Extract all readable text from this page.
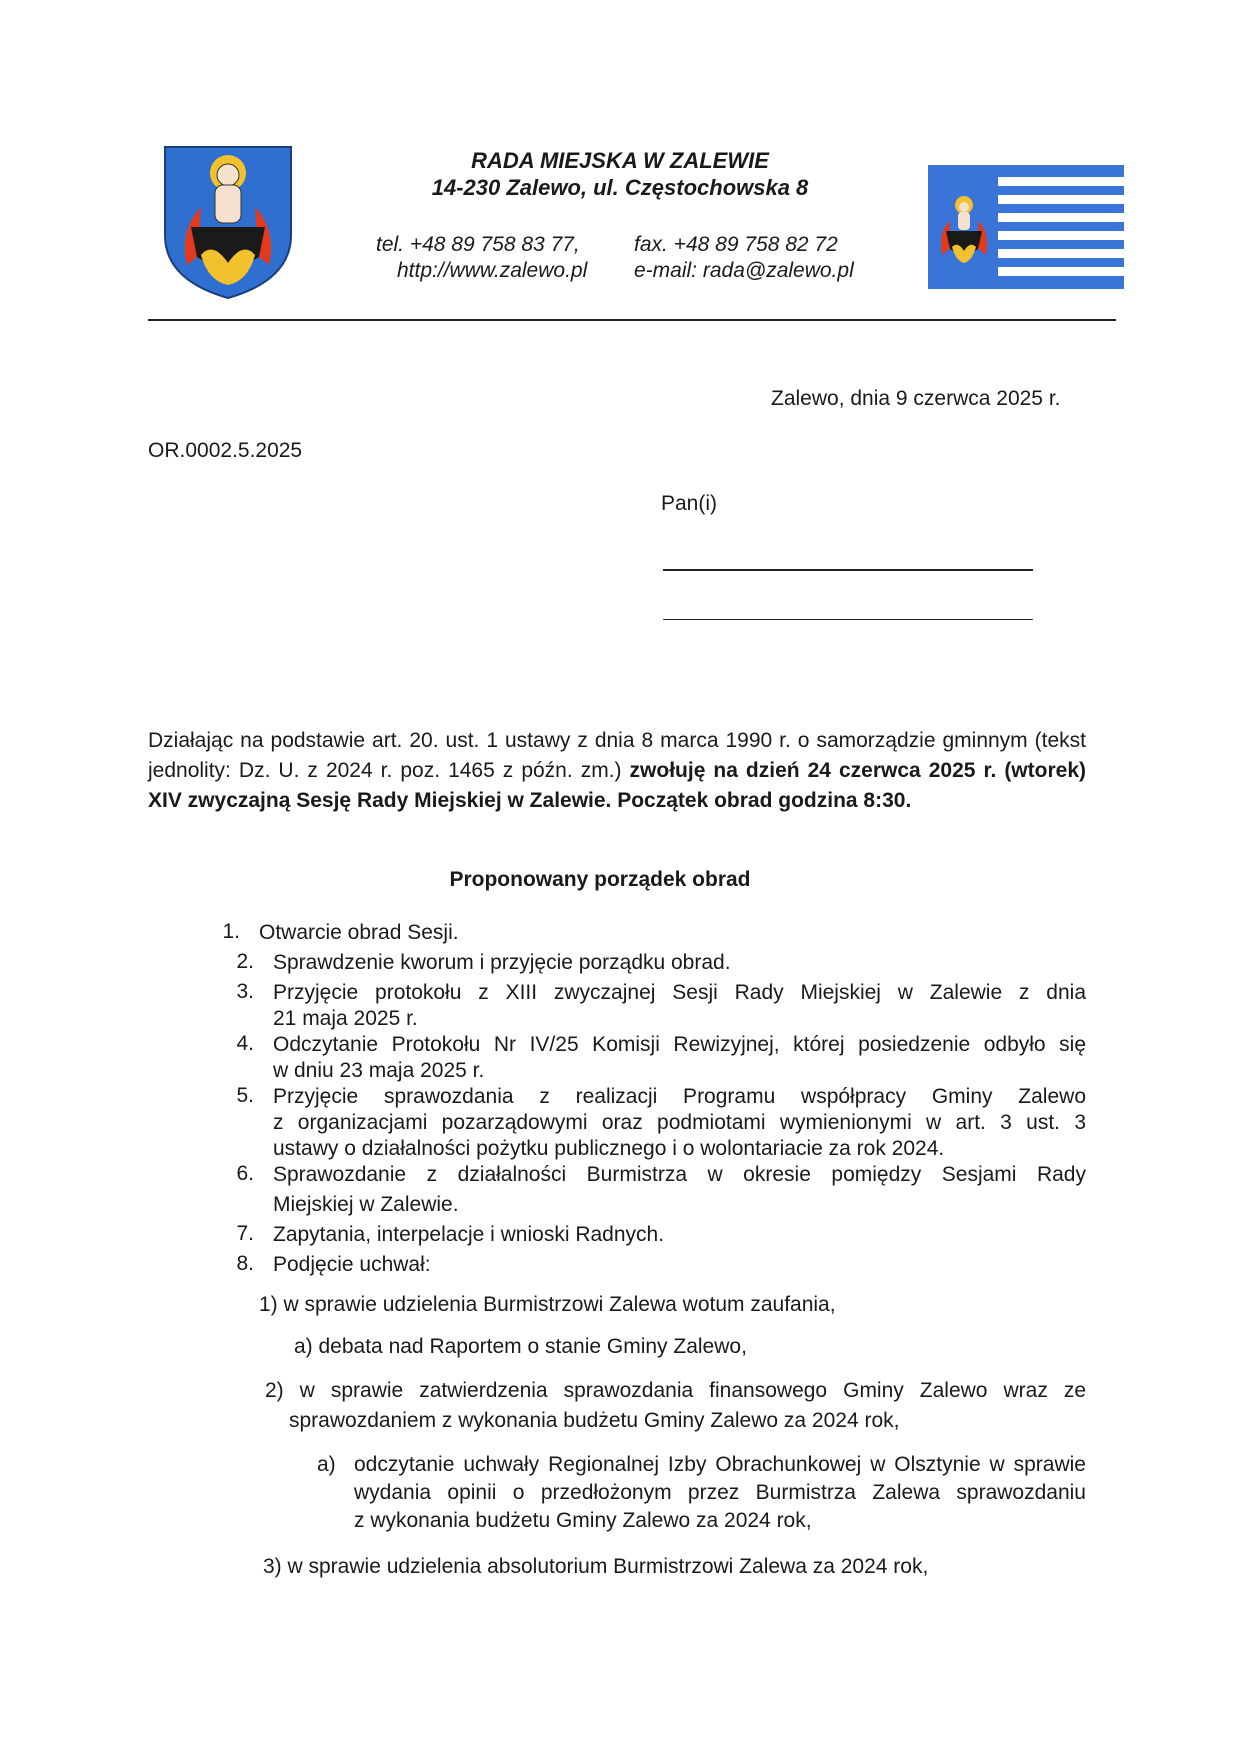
RADA MIEJSKA W ZALEWIE
14-230 Zalewo, ul. Częstochowska 8
tel. +48 89 758 83 77,	fax. +48 89 758 82 72
http://www.zalewo.pl e-mail: rada@zalewo.pl
Zalewo, dnia 9 czerwca 2025 r.
OR.0002.5.2025
Pan(i)
Działając na podstawie art. 20. ust. 1 ustawy z dnia 8 marca 1990 r. o samorządzie gminnym (tekst
jednolity: Dz. U. z 2024 r. poz. 1465 z późn. zm.) zwołuję na dzień 24 czerwca 2025 r. (wtorek)
XIV zwyczajną Sesję Rady Miejskiej w Zalewie. Początek obrad godzina 8:30.
Proponowany porządek obrad
1. Otwarcie obrad Sesji.
2. Sprawdzenie kworum i przyjęcie porządku obrad.
3. Przyjęcie protokołu z XIII zwyczajnej Sesji Rady Miejskiej w Zalewie z dnia
21 maja 2025 r.
4. Odczytanie Protokołu Nr IV/25 Komisji Rewizyjnej, której posiedzenie odbyło się
w dniu 23 maja 2025 r.
5. Przyjęcie sprawozdania z realizacji Programu współpracy Gminy Zalewo
z organizacjami pozarządowymi oraz podmiotami wymienionymi w art. 3 ust. 3
ustawy o działalności pożytku publicznego i o wolontariacie za rok 2024.
6. Sprawozdanie z działalności Burmistrza w okresie pomiędzy Sesjami Rady
Miejskiej w Zalewie.
7. Zapytania, interpelacje i wnioski Radnych.
8. Podjęcie uchwał:
1) w sprawie udzielenia Burmistrzowi Zalewa wotum zaufania,
a) debata nad Raportem o stanie Gminy Zalewo,
2) w sprawie zatwierdzenia sprawozdania finansowego Gminy Zalewo wraz ze
sprawozdaniem z wykonania budżetu Gminy Zalewo za 2024 rok,
a) odczytanie uchwały Regionalnej Izby Obrachunkowej w Olsztynie w sprawie
wydania opinii o przedłożonym przez Burmistrza Zalewa sprawozdaniu
z wykonania budżetu Gminy Zalewo za 2024 rok,
3) w sprawie udzielenia absolutorium Burmistrzowi Zalewa za 2024 rok,
